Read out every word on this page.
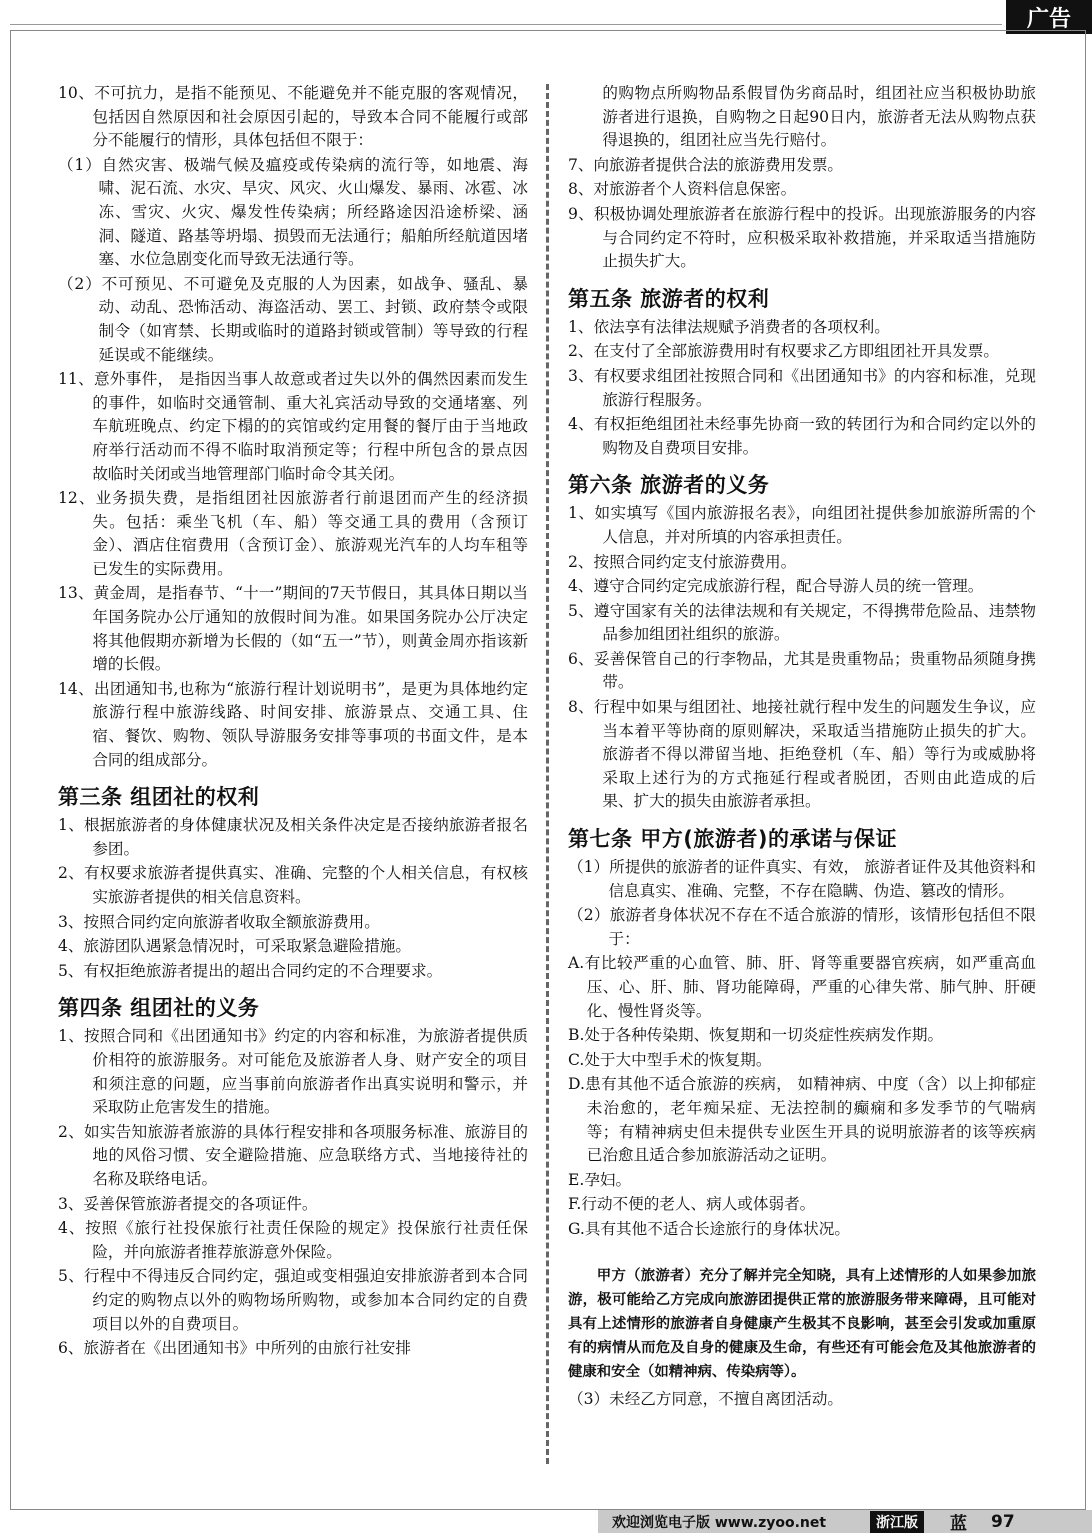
广告
10、不可抗力，是指不能预见、不能避免并不能克服的客观情况，包括因自然原因和社会原因引起的，导致本合同不能履行或部分不能履行的情形，具体包括但不限于：
（1）自然灾害、极端气候及瘟疫或传染病的流行等，如地震、海啸、泥石流、水灾、旱灾、风灾、火山爆发、暴雨、冰雹、冰冻、雪灾、火灾、爆发性传染病；所经路途因沿途桥梁、涵洞、隧道、路基等坍塌、损毁而无法通行；船舶所经航道因堵塞、水位急剧变化而导致无法通行等。
（2）不可预见、不可避免及克服的人为因素，如战争、骚乱、暴动、动乱、恐怖活动、海盗活动、罢工、封锁、政府禁令或限制令（如宵禁、长期或临时的道路封锁或管制）等导致的行程延误或不能继续。
11、意外事件， 是指因当事人故意或者过失以外的偶然因素而发生的事件，如临时交通管制、重大礼宾活动导致的交通堵塞、列车航班晚点、约定下榻的的宾馆或约定用餐的餐厅由于当地政府举行活动而不得不临时取消预定等；行程中所包含的景点因故临时关闭或当地管理部门临时命令其关闭。
12、业务损失费，是指组团社因旅游者行前退团而产生的经济损失。包括：乘坐飞机（车、船）等交通工具的费用（含预订金）、酒店住宿费用（含预订金）、旅游观光汽车的人均车租等已发生的实际费用。
13、黄金周，是指春节、“十一”期间的7天节假日，其具体日期以当年国务院办公厅通知的放假时间为准。如果国务院办公厅决定将其他假期亦新增为长假的（如“五一”节），则黄金周亦指该新增的长假。
14、出团通知书,也称为“旅游行程计划说明书”，是更为具体地约定旅游行程中旅游线路、时间安排、旅游景点、交通工具、住宿、餐饮、购物、领队导游服务安排等事项的书面文件，是本合同的组成部分。
第三条 组团社的权利
1、根据旅游者的身体健康状况及相关条件决定是否接纳旅游者报名参团。
2、有权要求旅游者提供真实、准确、完整的个人相关信息，有权核实旅游者提供的相关信息资料。
3、按照合同约定向旅游者收取全额旅游费用。
4、旅游团队遇紧急情况时，可采取紧急避险措施。
5、有权拒绝旅游者提出的超出合同约定的不合理要求。
第四条 组团社的义务
1、按照合同和《出团通知书》约定的内容和标准，为旅游者提供质价相符的旅游服务。对可能危及旅游者人身、财产安全的项目和须注意的问题，应当事前向旅游者作出真实说明和警示，并采取防止危害发生的措施。
2、如实告知旅游者旅游的具体行程安排和各项服务标准、旅游目的地的风俗习惯、安全避险措施、应急联络方式、当地接待社的名称及联络电话。
3、妥善保管旅游者提交的各项证件。
4、按照《旅行社投保旅行社责任保险的规定》投保旅行社责任保险，并向旅游者推荐旅游意外保险。
5、行程中不得违反合同约定，强迫或变相强迫安排旅游者到本合同约定的购物点以外的购物场所购物，或参加本合同约定的自费项目以外的自费项目。
6、旅游者在《出团通知书》中所列的由旅行社安排
的购物点所购物品系假冒伪劣商品时，组团社应当积极协助旅游者进行退换，自购物之日起90日内，旅游者无法从购物点获得退换的，组团社应当先行赔付。
7、向旅游者提供合法的旅游费用发票。
8、对旅游者个人资料信息保密。
9、积极协调处理旅游者在旅游行程中的投诉。出现旅游服务的内容与合同约定不符时，应积极采取补救措施，并采取适当措施防止损失扩大。
第五条 旅游者的权利
1、依法享有法律法规赋予消费者的各项权利。
2、在支付了全部旅游费用时有权要求乙方即组团社开具发票。
3、有权要求组团社按照合同和《出团通知书》的内容和标准，兑现旅游行程服务。
4、有权拒绝组团社未经事先协商一致的转团行为和合同约定以外的购物及自费项目安排。
第六条 旅游者的义务
1、如实填写《国内旅游报名表》，向组团社提供参加旅游所需的个人信息，并对所填的内容承担责任。
2、按照合同约定支付旅游费用。
4、遵守合同约定完成旅游行程，配合导游人员的统一管理。
5、遵守国家有关的法律法规和有关规定，不得携带危险品、违禁物品参加组团社组织的旅游。
6、妥善保管自己的行李物品，尤其是贵重物品；贵重物品须随身携带。
8、行程中如果与组团社、地接社就行程中发生的问题发生争议，应当本着平等协商的原则解决，采取适当措施防止损失的扩大。旅游者不得以滞留当地、拒绝登机（车、船）等行为或威胁将采取上述行为的方式拖延行程或者脱团，否则由此造成的后果、扩大的损失由旅游者承担。
第七条 甲方(旅游者)的承诺与保证
（1）所提供的旅游者的证件真实、有效， 旅游者证件及其他资料和信息真实、准确、完整，不存在隐瞒、伪造、篡改的情形。
（2）旅游者身体状况不存在不适合旅游的情形，该情形包括但不限于：
A.有比较严重的心血管、肺、肝、肾等重要器官疾病，如严重高血压、心、肝、肺、肾功能障碍，严重的心律失常、肺气肿、肝硬化、慢性肾炎等。
B.处于各种传染期、恢复期和一切炎症性疾病发作期。
C.处于大中型手术的恢复期。
D.患有其他不适合旅游的疾病， 如精神病、中度（含）以上抑郁症未治愈的，老年痴呆症、无法控制的癫痫和多发季节的气喘病等；有精神病史但未提供专业医生开具的说明旅游者的该等疾病已治愈且适合参加旅游活动之证明。
E.孕妇。
F.行动不便的老人、病人或体弱者。
G.具有其他不适合长途旅行的身体状况。
甲方（旅游者）充分了解并完全知晓，具有上述情形的人如果参加旅游，极可能给乙方完成向旅游团提供正常的旅游服务带来障碍，且可能对具有上述情形的旅游者自身健康产生极其不良影响，甚至会引发或加重原有的病情从而危及自身的健康及生命，有些还有可能会危及其他旅游者的健康和安全（如精神病、传染病等）。
（3）未经乙方同意，不擅自离团活动。
欢迎浏览电子版 www.zyoo.net	浙江版	蓝 97
